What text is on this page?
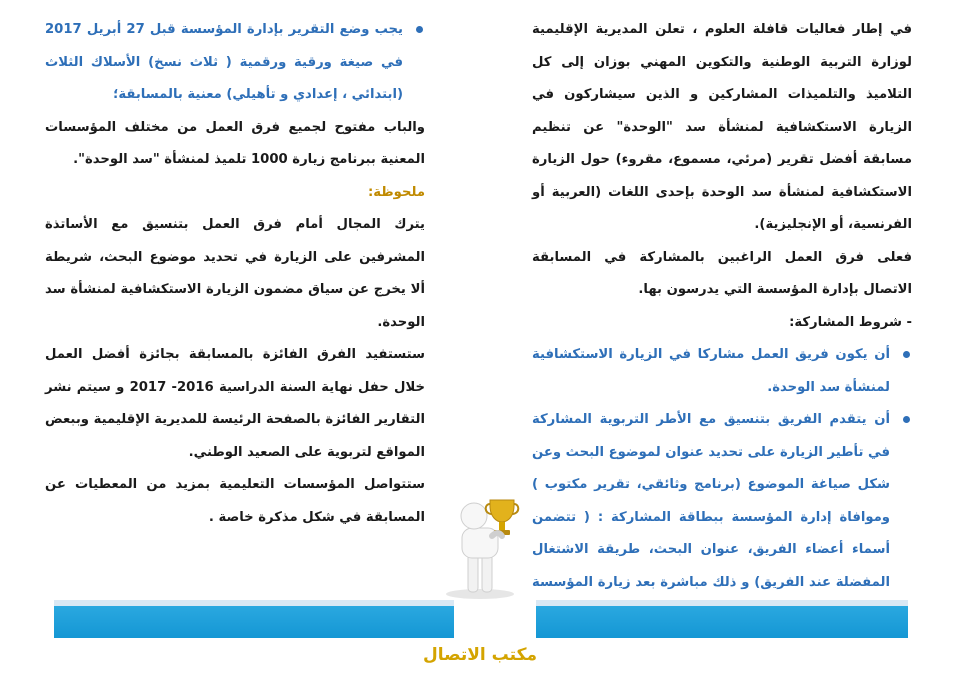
في إطار فعاليات قافلة العلوم ، تعلن المديرية الإقليمية لوزارة التربية الوطنية والتكوين المهني بوزان إلى كل التلاميذ والتلميذات المشاركين و الذين سيشاركون في الزيارة الاستكشافية لمنشأة سد "الوحدة" عن تنظيم مسابقة أفضل تقرير (مرئي، مسموع، مقروء) حول الزيارة الاستكشافية لمنشأة سد الوحدة بإحدى اللغات (العربية أو الفرنسية، أو الإنجليزية).

فعلى فرق العمل الراغبين بالمشاركة في المسابقة الاتصال بإدارة المؤسسة التي يدرسون بها.

- شروط المشاركة:

أن يكون فريق العمل مشاركا في الزيارة الاستكشافية لمنشأة سد الوحدة.
أن يتقدم الفريق بتنسيق مع الأطر التربوية المشاركة في تأطير الزيارة على تحديد عنوان لموضوع البحث وعن شكل صياغة الموضوع (برنامج وثائقي، تقرير مكتوب ) وموافاة إدارة المؤسسة ببطاقة المشاركة : ( تتضمن أسماء أعضاء الفريق، عنوان البحث، طريقة الاشتغال المفضلة عند الفريق) و ذلك مباشرة بعد زيارة المؤسسة
يجب وضع التقرير بإدارة المؤسسة قبل 27 أبريل 2017 في صيغة ورقية ورقمية ( ثلاث نسخ) الأسلاك الثلاث (ابتدائي ، إعدادي و تأهيلي) معنية بالمسابقة؛

والباب مفتوح لجميع فرق العمل من مختلف المؤسسات المعنية ببرنامج زيارة 1000 تلميذ لمنشأة "سد الوحدة".

ملحوظة:

يترك المجال أمام فرق العمل بتنسيق مع الأساتذة المشرفين على الزيارة في تحديد موضوع البحث، شريطة ألا يخرج عن سياق مضمون الزيارة الاستكشافية لمنشأة سد الوحدة.

ستستفيد الفرق الفائزة بالمسابقة بجائزة أفضل العمل خلال حفل نهاية السنة الدراسية 2016- 2017 و سيتم نشر التقارير الفائزة بالصفحة الرئيسة للمديرية الإقليمية وببعض المواقع لتربوية على الصعيد الوطني.

ستتواصل المؤسسات التعليمية بمزيد من المعطيات عن المسابقة في شكل مذكرة خاصة .

مكتب الاتصال
